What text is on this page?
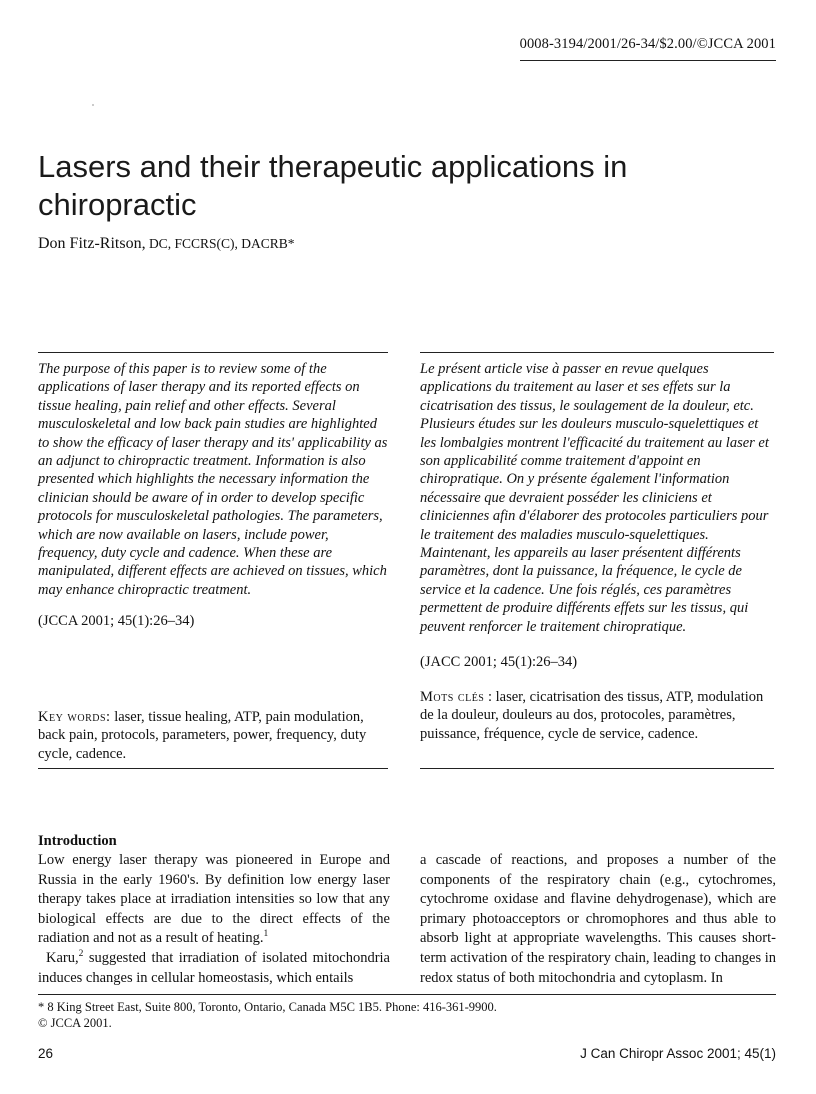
0008-3194/2001/26-34/$2.00/©JCCA 2001
Lasers and their therapeutic applications in chiropractic
Don Fitz-Ritson, DC, FCCRS(C), DACRB*

The purpose of this paper is to review some of the applications of laser therapy and its reported effects on tissue healing, pain relief and other effects. Several musculoskeletal and low back pain studies are highlighted to show the efficacy of laser therapy and its' applicability as an adjunct to chiropractic treatment. Information is also presented which highlights the necessary information the clinician should be aware of in order to develop specific protocols for musculoskeletal pathologies. The parameters, which are now available on lasers, include power, frequency, duty cycle and cadence. When these are manipulated, different effects are achieved on tissues, which may enhance chiropractic treatment.

(JCCA 2001; 45(1):26–34)

Le présent article vise à passer en revue quelques applications du traitement au laser et ses effets sur la cicatrisation des tissus, le soulagement de la douleur, etc. Plusieurs études sur les douleurs musculo-squelettiques et les lombalgies montrent l'efficacité du traitement au laser et son applicabilité comme traitement d'appoint en chiropratique. On y présente également l'information nécessaire que devraient posséder les cliniciens et cliniciennes afin d'élaborer des protocoles particuliers pour le traitement des maladies musculo-squelettiques. Maintenant, les appareils au laser présentent différents paramètres, dont la puissance, la fréquence, le cycle de service et la cadence. Une fois réglés, ces paramètres permettent de produire différents effets sur les tissus, qui peuvent renforcer le traitement chiropratique.

(JACC 2001; 45(1):26–34)
Key words: laser, tissue healing, ATP, pain modulation, back pain, protocols, parameters, power, frequency, duty cycle, cadence.
Mots clés : laser, cicatrisation des tissus, ATP, modulation de la douleur, douleurs au dos, protocoles, paramètres, puissance, fréquence, cycle de service, cadence.
Introduction

Low energy laser therapy was pioneered in Europe and Russia in the early 1960's. By definition low energy laser therapy takes place at irradiation intensities so low that any biological effects are due to the direct effects of the radiation and not as a result of heating.$^1$

Karu,$^2$ suggested that irradiation of isolated mitochondria induces changes in cellular homeostasis, which entails

a cascade of reactions, and proposes a number of the components of the respiratory chain (e.g., cytochromes, cytochrome oxidase and flavine dehydrogenase), which are primary photoacceptors or chromophores and thus able to absorb light at appropriate wavelengths. This causes short-term activation of the respiratory chain, leading to changes in redox status of both mitochondria and cytoplasm. In

* 8 King Street East, Suite 800, Toronto, Ontario, Canada M5C 1B5. Phone: 416-361-9900.
© JCCA 2001.
26	J Can Chiropr Assoc 2001; 45(1)
